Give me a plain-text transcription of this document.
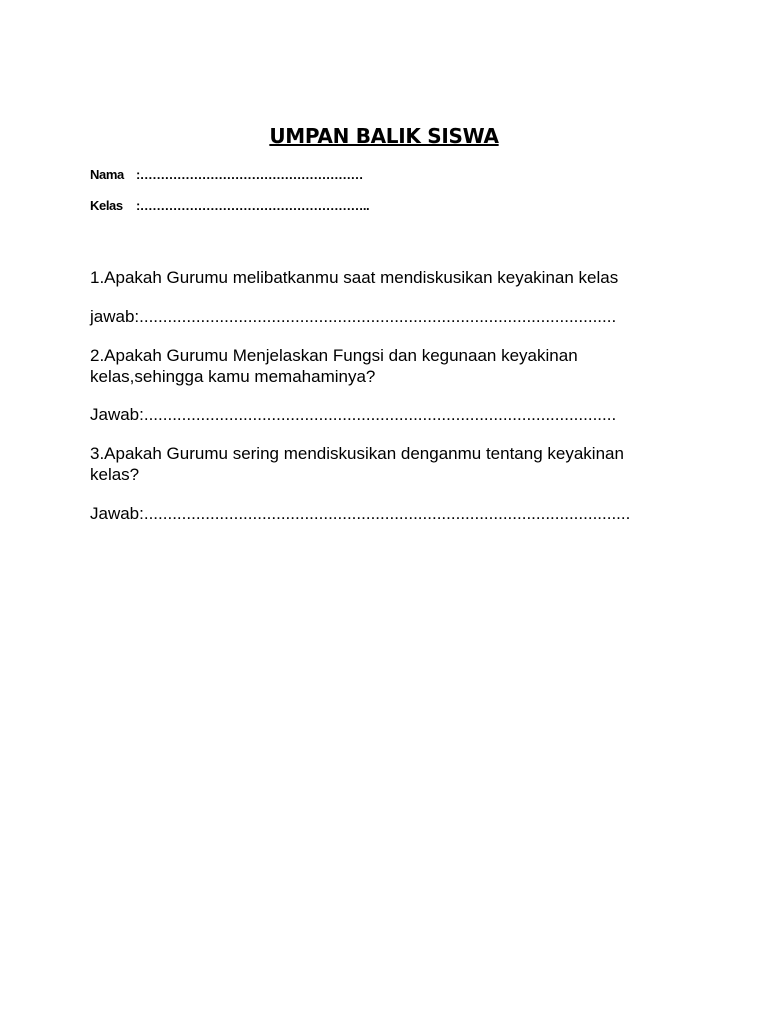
UMPAN BALIK SISWA
Nama :………………………………………………
Kelas :………………………………………………..
1.Apakah Gurumu melibatkanmu saat mendiskusikan keyakinan kelas
jawab:.....................................................................................................
2.Apakah Gurumu Menjelaskan Fungsi dan kegunaan keyakinan kelas,sehingga kamu memahaminya?
Jawab:....................................................................................................
3.Apakah Gurumu sering mendiskusikan denganmu tentang keyakinan kelas?
Jawab:.......................................................................................................
